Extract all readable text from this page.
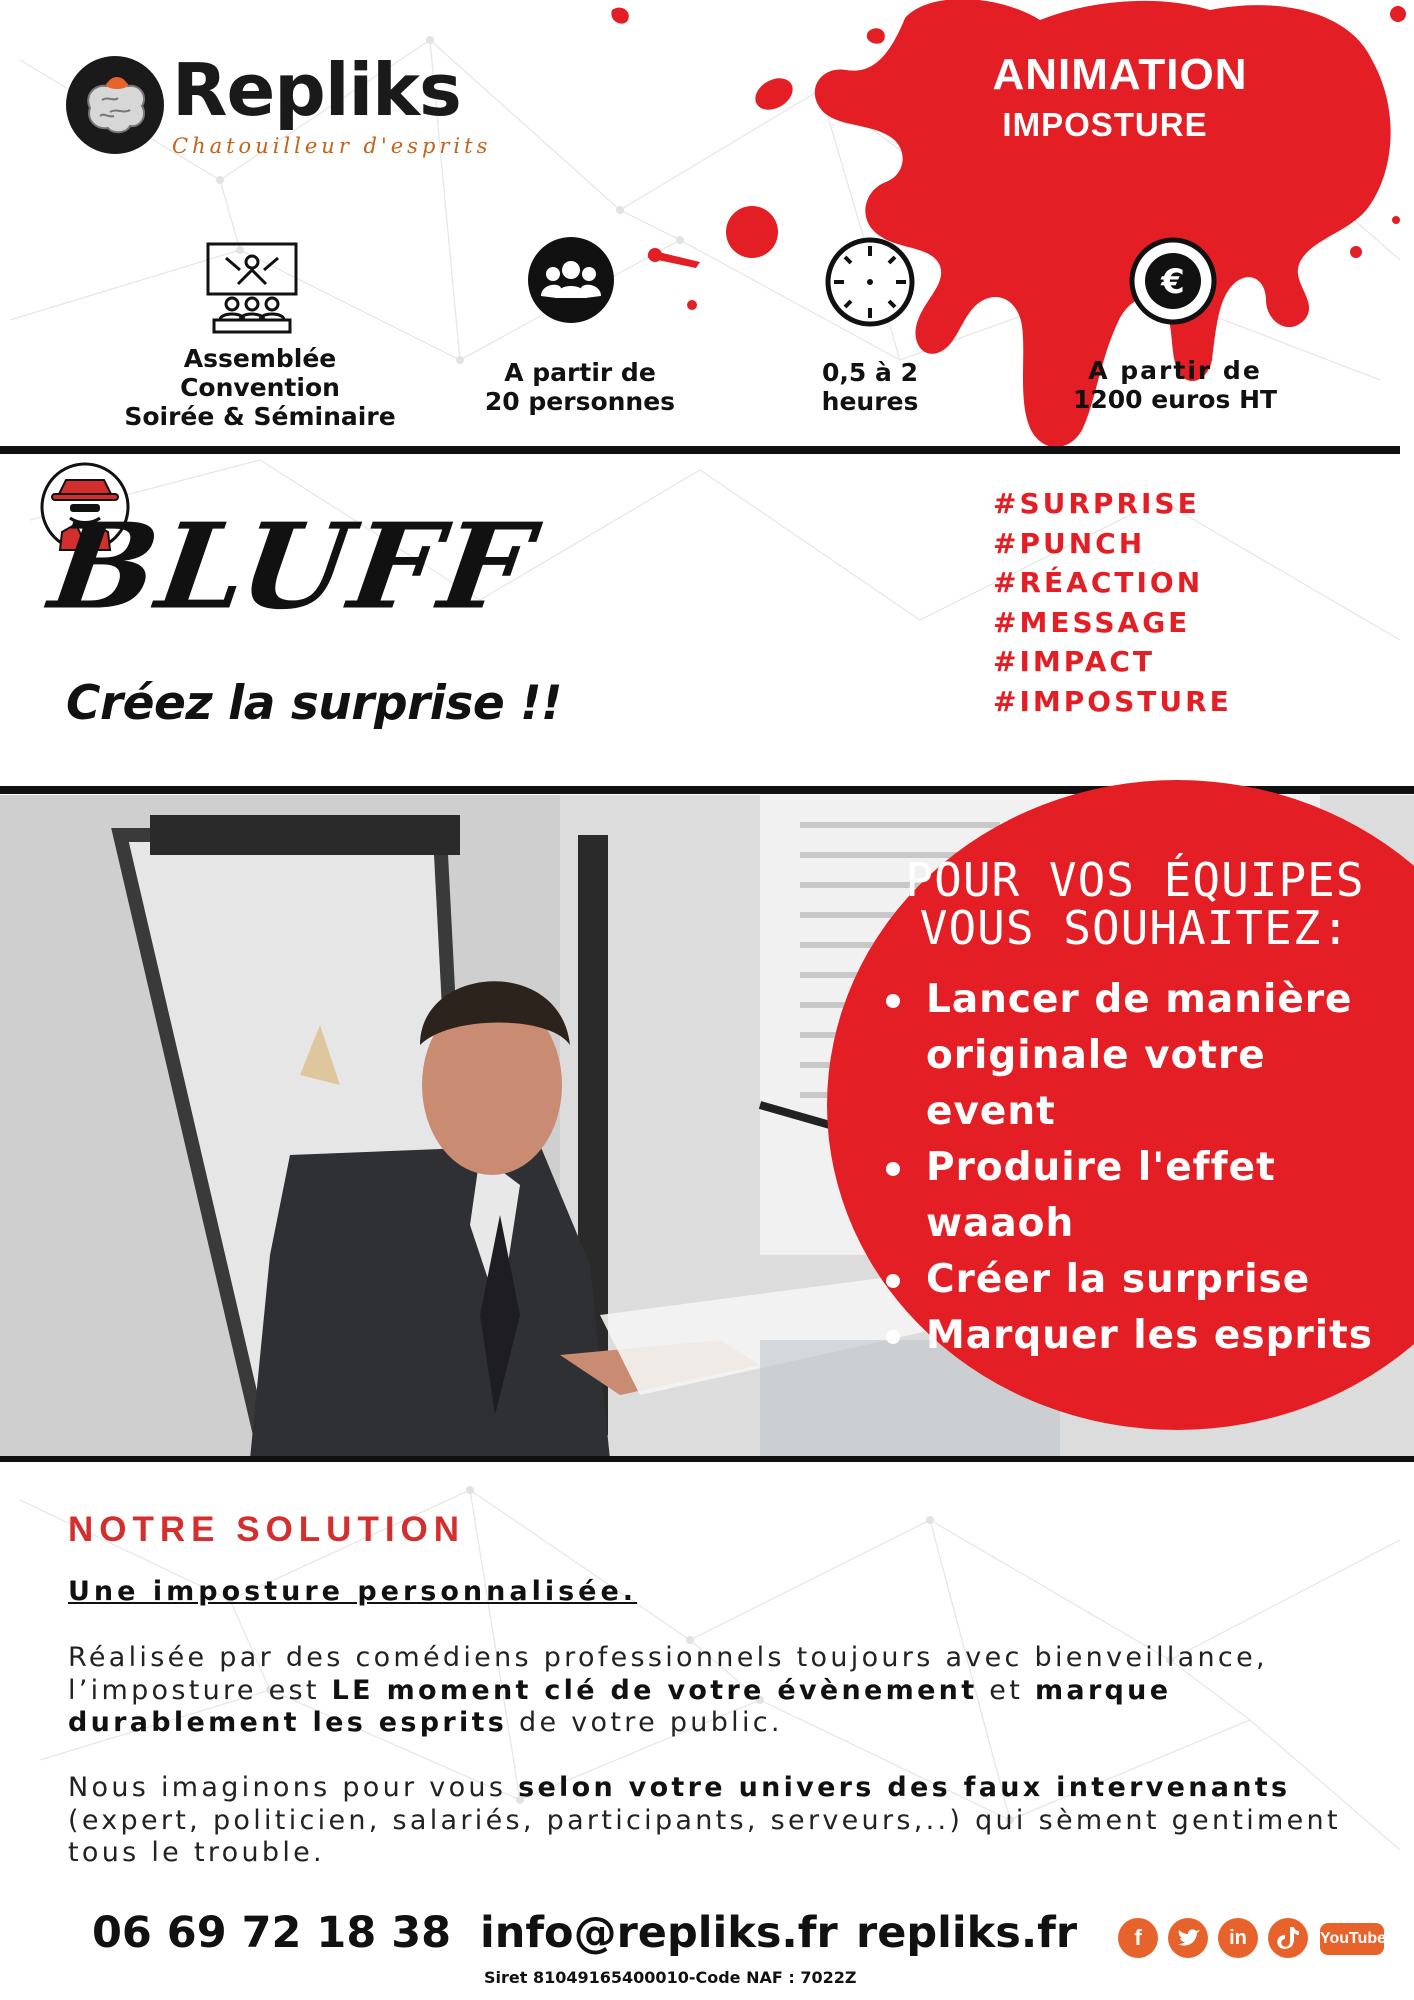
Repliks
Chatouilleur d'esprits
ANIMATION
IMPOSTURE
Assemblée
Convention
Soirée & Séminaire
A partir de
20 personnes
0,5 à 2
heures
€
A partir de
1200 euros HT
BLUFF
Créez la surprise !!
#SURPRISE
#PUNCH
#RÉACTION
#MESSAGE
#IMPACT
#IMPOSTURE
POUR VOS ÉQUIPES
VOUS SOUHAITEZ:
Lancer de manière originale votre event
Produire l'effet waaoh
Créer la surprise
Marquer les esprits
NOTRE SOLUTION
Une imposture personnalisée.
Réalisée par des comédiens professionnels toujours avec bienveillance, l’imposture est LE moment clé de votre évènement et marque durablement les esprits de votre public.
Nous imaginons pour vous selon votre univers des faux intervenants (expert, politicien, salariés, participants, serveurs,..) qui sèment gentiment tous le trouble.
06 69 72 18 38 info@repliks.fr repliks.fr
Siret 81049165400010-Code NAF : 7022Z
f	in	YouTube
